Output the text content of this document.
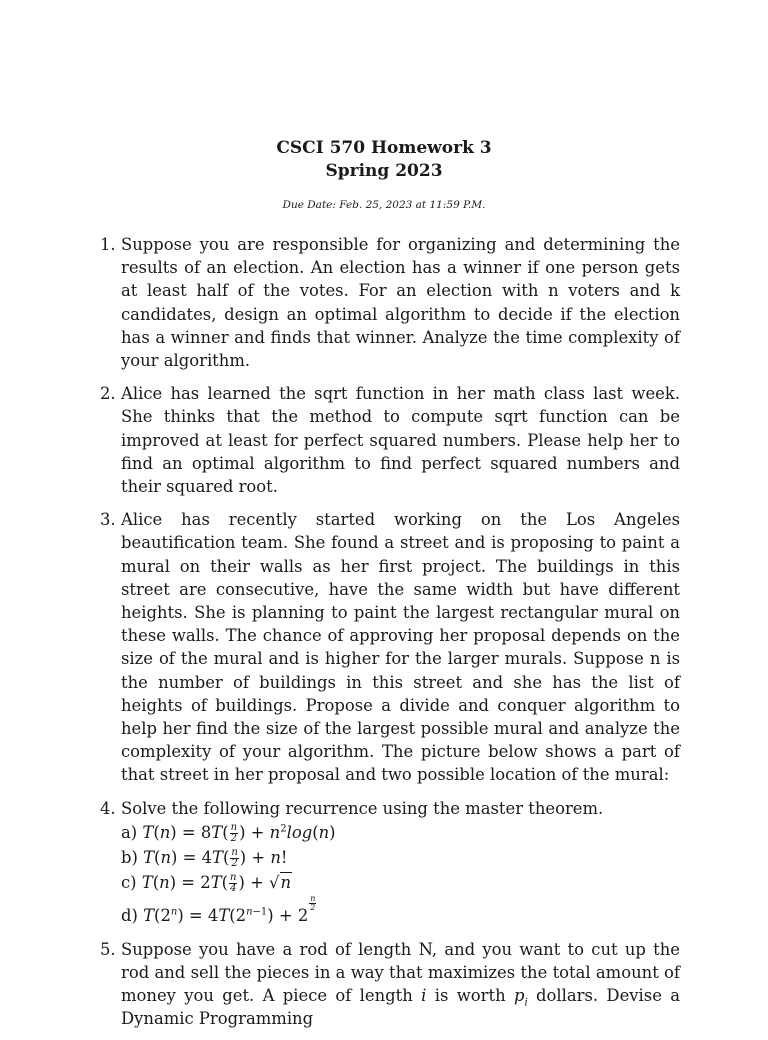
CSCI 570 Homework 3
Spring 2023
Due Date: Feb. 25, 2023 at 11:59 P.M.
1. Suppose you are responsible for organizing and determining the results of an election. An election has a winner if one person gets at least half of the votes. For an election with n voters and k candidates, design an optimal algorithm to decide if the election has a winner and finds that winner. Analyze the time complexity of your algorithm.
2. Alice has learned the sqrt function in her math class last week. She thinks that the method to compute sqrt function can be improved at least for perfect squared numbers. Please help her to find an optimal algorithm to find perfect squared numbers and their squared root.
3. Alice has recently started working on the Los Angeles beautification team. She found a street and is proposing to paint a mural on their walls as her first project. The buildings in this street are consecutive, have the same width but have different heights. She is planning to paint the largest rectangular mural on these walls. The chance of approving her proposal depends on the size of the mural and is higher for the larger murals. Suppose n is the number of buildings in this street and she has the list of heights of buildings. Propose a divide and conquer algorithm to help her find the size of the largest possible mural and analyze the complexity of your algorithm. The picture below shows a part of that street in her proposal and two possible location of the mural:
4. Solve the following recurrence using the master theorem.
a) $T(n) = 8T( \frac{n}{2}$ ) + $n^2\log(n)$
b) $T(n) = 4T( \frac{n}{2}$ ) + n!
c) $T(n) = 2T( \frac{n}{4}$ ) + √n
d) $T(2^n) = 4T(2^{n-1}) + 2$
$^{\frac{n}{2}}$
5. Suppose you have a rod of length N, and you want to cut up the rod and sell the pieces in a way that maximizes the total amount of money you get. A piece of length i is worth $p_i$ dollars. Devise a Dynamic Programming
